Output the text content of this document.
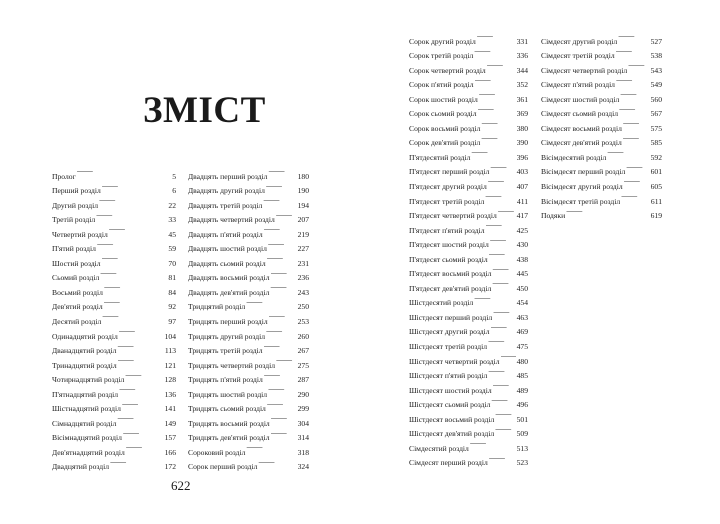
ЗМІСТ
Пролог . . .	5
Перший розділ . . .	6
Другий розділ . . .	22
Третій розділ . . .	33
Четвертий розділ . . .	45
П'ятий розділ . . .	59
Шостий розділ . . .	70
Сьомий розділ . . .	81
Восьмий розділ . . .	84
Дев'ятий розділ . . .	92
Десятий розділ . . .	97
Одинадцятий розділ . . .	104
Дванадцятий розділ . . .	113
Тринадцятий розділ . . .	121
Чотирнадцятий розділ . . .	128
П'ятнадцятий розділ . . .	136
Шістнадцятий розділ . . .	141
Сімнадцятий розділ . . .	149
Вісімнадцятий розділ . . .	157
Дев'ятнадцятий розділ . . .	166
Двадцятий розділ . . .	172
Двадцять перший розділ . . .	180
Двадцять другий розділ . . .	190
Двадцять третій розділ . . .	194
Двадцять четвертий розділ . . .	207
Двадцять п'ятий розділ . . .	219
Двадцять шостий розділ . . .	227
Двадцять сьомий розділ . . .	231
Двадцять восьмий розділ . . .	236
Двадцять дев'ятий розділ . . .	243
Тридцятий розділ . . .	250
Тридцять перший розділ . . .	253
Тридцять другий розділ . . .	260
Тридцять третій розділ . . .	267
Тридцять четвертий розділ . . .	275
Тридцять п'ятий розділ . . .	287
Тридцять шостий розділ . . .	290
Тридцять сьомий розділ . . .	299
Тридцять восьмий розділ . . .	304
Тридцять дев'ятий розділ . . .	314
Сороковий розділ . . .	318
Сорок перший розділ . . .	324
622
Сорок другий розділ . . .	331
Сорок третій розділ . . .	336
Сорок четвертий розділ . . .	344
Сорок п'ятий розділ . . .	352
Сорок шостий розділ . . .	361
Сорок сьомий розділ . . .	369
Сорок восьмий розділ . . .	380
Сорок дев'ятий розділ . . .	390
П'ятдесятий розділ . . .	396
П'ятдесят перший розділ . . .	403
П'ятдесят другий розділ . . .	407
П'ятдесят третій розділ . . .	411
П'ятдесят четвертий розділ . . .	417
П'ятдесят п'ятий розділ . . .	425
П'ятдесят шостий розділ . . .	430
П'ятдесят сьомий розділ . . .	438
П'ятдесят восьмий розділ . . .	445
П'ятдесят дев'ятий розділ . . .	450
Шістдесятий розділ . . .	454
Шістдесят перший розділ . . .	463
Шістдесят другий розділ . . .	469
Шістдесят третій розділ . . .	475
Шістдесят четвертий розділ . . . 480
Шістдесят п'ятий розділ . . .	485
Шістдесят шостий розділ . . .	489
Шістдесят сьомий розділ . . .	496
Шістдесят восьмий розділ . . .	501
Шістдесят дев'ятий розділ . . .	509
Сімдесятий розділ . . .	513
Сімдесят перший розділ . . .	523
Сімдесят другий розділ . . .	527
Сімдесят третій розділ . . .	538
Сімдесят четвертий розділ . . .	543
Сімдесят п'ятий розділ . . .	549
Сімдесят шостий розділ . . .	560
Сімдесят сьомий розділ . . .	567
Сімдесят восьмий розділ . . .	575
Сімдесят дев'ятий розділ . . .	585
Вісімдесятий розділ . . .	592
Вісімдесят перший розділ . . .	601
Вісімдесят другий розділ . . .	605
Вісімдесят третій розділ . . .	611
Подяки . . .	619
